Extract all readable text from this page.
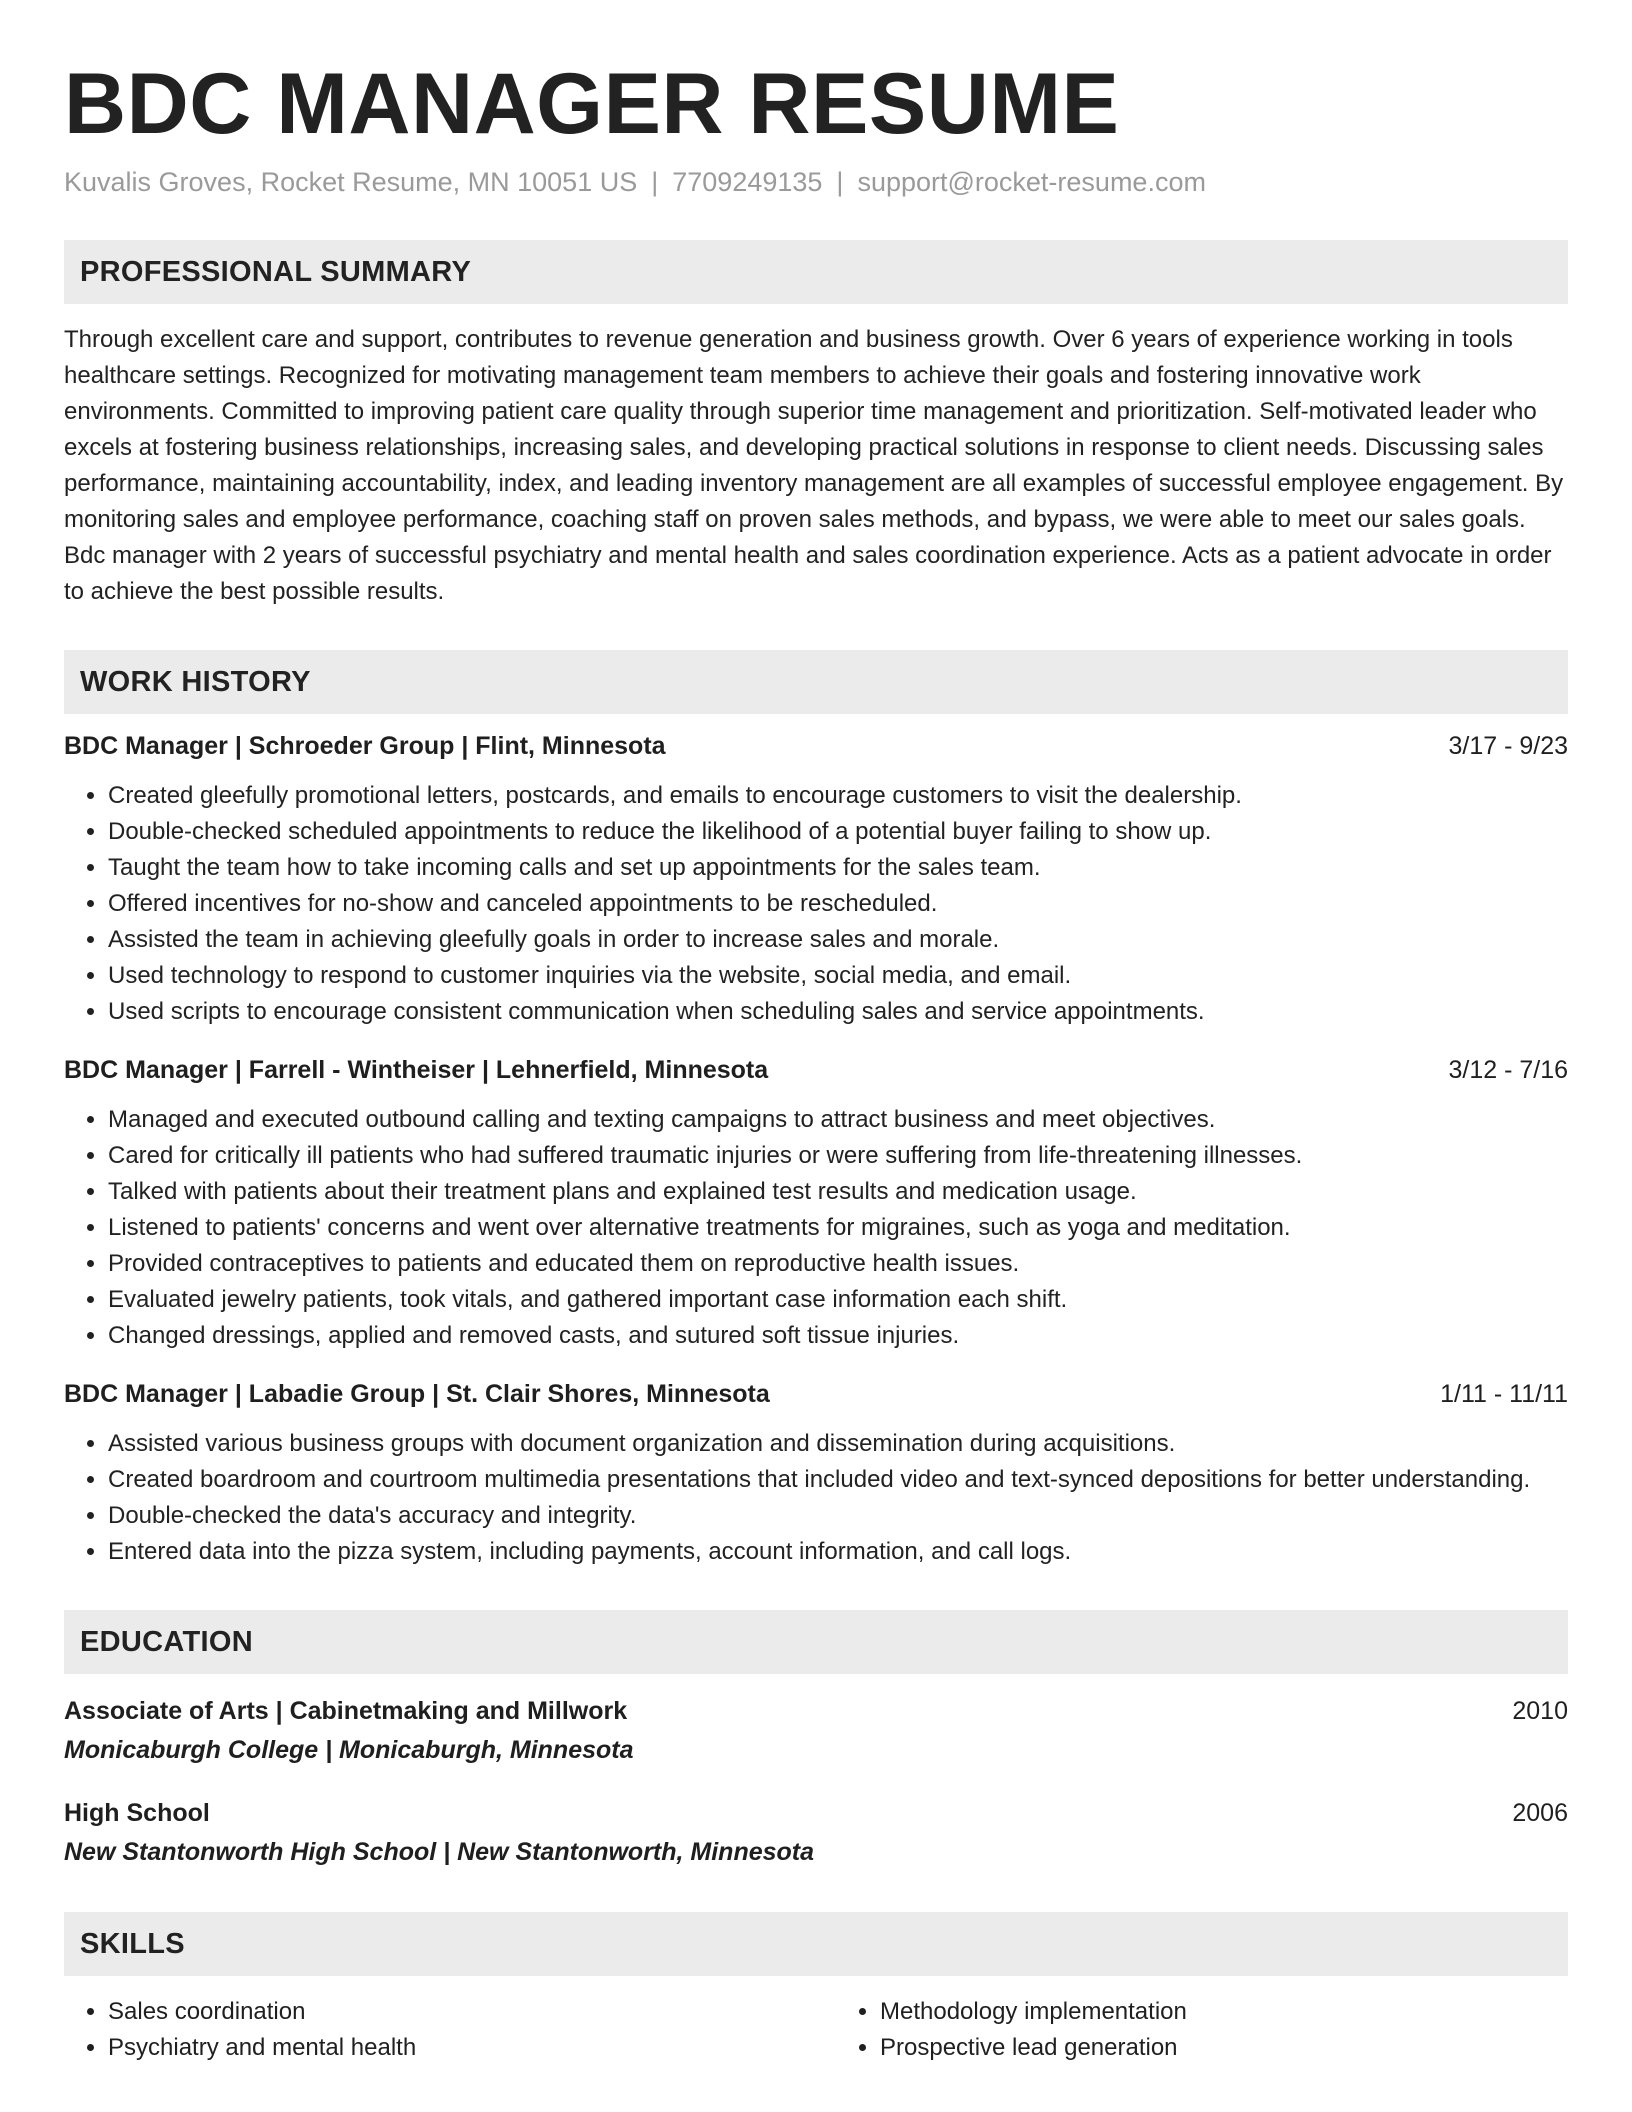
BDC MANAGER RESUME
Kuvalis Groves, Rocket Resume, MN 10051 US | 7709249135 | support@rocket-resume.com
PROFESSIONAL SUMMARY

Through excellent care and support, contributes to revenue generation and business growth. Over 6 years of experience working in tools healthcare settings. Recognized for motivating management team members to achieve their goals and fostering innovative work environments. Committed to improving patient care quality through superior time management and prioritization. Self-motivated leader who excels at fostering business relationships, increasing sales, and developing practical solutions in response to client needs. Discussing sales performance, maintaining accountability, index, and leading inventory management are all examples of successful employee engagement. By monitoring sales and employee performance, coaching staff on proven sales methods, and bypass, we were able to meet our sales goals. Bdc manager with 2 years of successful psychiatry and mental health and sales coordination experience. Acts as a patient advocate in order to achieve the best possible results.

WORK HISTORY
BDC Manager | Schroeder Group | Flint, Minnesota	3/17 - 9/23
• Created gleefully promotional letters, postcards, and emails to encourage customers to visit the dealership.
• Double-checked scheduled appointments to reduce the likelihood of a potential buyer failing to show up.
• Taught the team how to take incoming calls and set up appointments for the sales team.
• Offered incentives for no-show and canceled appointments to be rescheduled.
• Assisted the team in achieving gleefully goals in order to increase sales and morale.
• Used technology to respond to customer inquiries via the website, social media, and email.
• Used scripts to encourage consistent communication when scheduling sales and service appointments.
BDC Manager | Farrell - Wintheiser | Lehnerfield, Minnesota	3/12 - 7/16
• Managed and executed outbound calling and texting campaigns to attract business and meet objectives.
• Cared for critically ill patients who had suffered traumatic injuries or were suffering from life-threatening illnesses.
• Talked with patients about their treatment plans and explained test results and medication usage.
• Listened to patients' concerns and went over alternative treatments for migraines, such as yoga and meditation.
• Provided contraceptives to patients and educated them on reproductive health issues.
• Evaluated jewelry patients, took vitals, and gathered important case information each shift.
• Changed dressings, applied and removed casts, and sutured soft tissue injuries.
BDC Manager | Labadie Group | St. Clair Shores, Minnesota	1/11 - 11/11
• Assisted various business groups with document organization and dissemination during acquisitions.
• Created boardroom and courtroom multimedia presentations that included video and text-synced depositions for better understanding.
• Double-checked the data's accuracy and integrity.
• Entered data into the pizza system, including payments, account information, and call logs.
EDUCATION
Associate of Arts | Cabinetmaking and Millwork	2010
Monicaburgh College | Monicaburgh, Minnesota
High School	2006
New Stantonworth High School | New Stantonworth, Minnesota
SKILLS
• Sales coordination
• Psychiatry and mental health
• Methodology implementation
• Prospective lead generation
